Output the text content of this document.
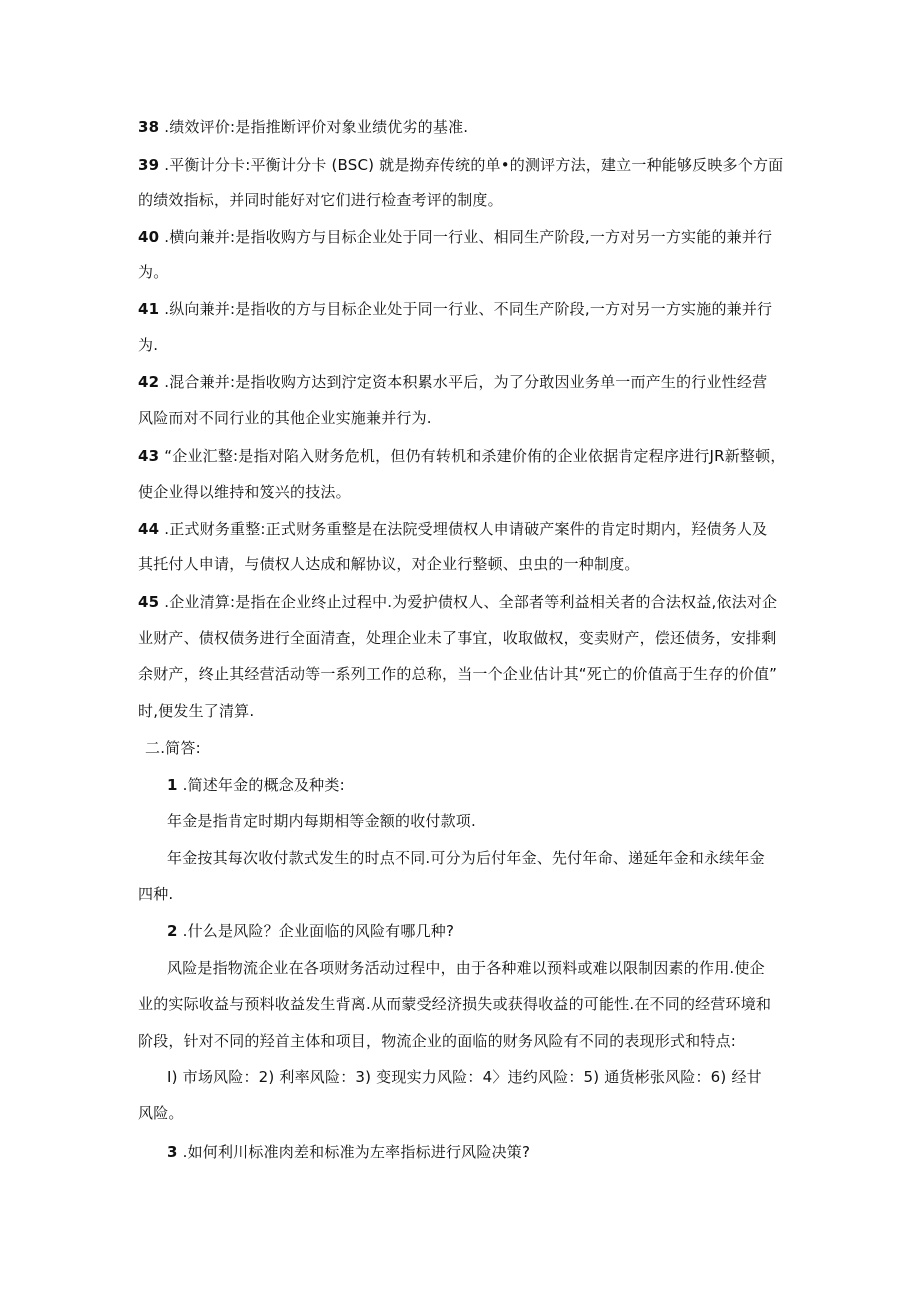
38 .绩效评价:是指推断评价对象业绩优劣的基准.
39 .平衡计分卡:平衡计分卡 (BSC) 就是拗弃传统的单•的测评方法，建立一种能够反映多个方面
的绩效指标，并同时能好对它们进行检查考评的制度。
40 .横向兼并:是指收购方与目标企业处于同一行业、相同生产阶段,一方对另一方实能的兼并行
为。
41 .纵向兼并:是指收的方与目标企业处于同一行业、不同生产阶段,一方对另一方实施的兼并行
为.
42 .混合兼并:是指收购方达到泞定资本积累水平后，为了分敢因业务单一而产生的行业性经营
风险而对不同行业的其他企业实施兼并行为.
43 “企业汇整:是指对陷入财务危机，但仍有转机和杀建价侑的企业依据肯定程序进行JR新整顿，
使企业得以维持和笈兴的技法。
44 .正式财务重整:正式财务重整是在法院受埋债权人申请破产案件的肯定时期内，羟债务人及
其托付人申请，与债权人达成和解协议，对企业行整顿、虫虫的一种制度。
45 .企业清算:是指在企业终止过程中.为爱护债权人、全部者等利益相关者的合法权益,依法对企
业财产、债权债务进行全面清查，处理企业未了事宜，收取做权，变卖财产，偿还债务，安排剩
余财产，终止其经营活动等一系列工作的总称，当一个企业估计其“死亡的价值高于生存的价值”
时,便发生了清算.
二.简答:
1 .简述年金的概念及种类:
年金是指肯定时期内每期相等金额的收付款项.
年金按其每次收付款式发生的时点不同.可分为后付年金、先付年命、递延年金和永续年金
四种.
2 .什么是风险？企业面临的风险有哪几种?
风险是指物流企业在各项财务活动过程中，由于各种难以预料或难以限制因素的作用.使企
业的实际收益与预料收益发生背离.从而蒙受经济损失或获得收益的可能性.在不同的经营环境和
阶段，针对不同的羟首主体和项目，物流企业的面临的财务风险有不同的表现形式和特点:
I) 市场风险：2) 利率风险：3) 变现实力风险：4〉违约风险：5) 通货彬张风险：6) 经甘
风险。
3 .如何利川标准肉差和标准为左率指标进行风险决策?
